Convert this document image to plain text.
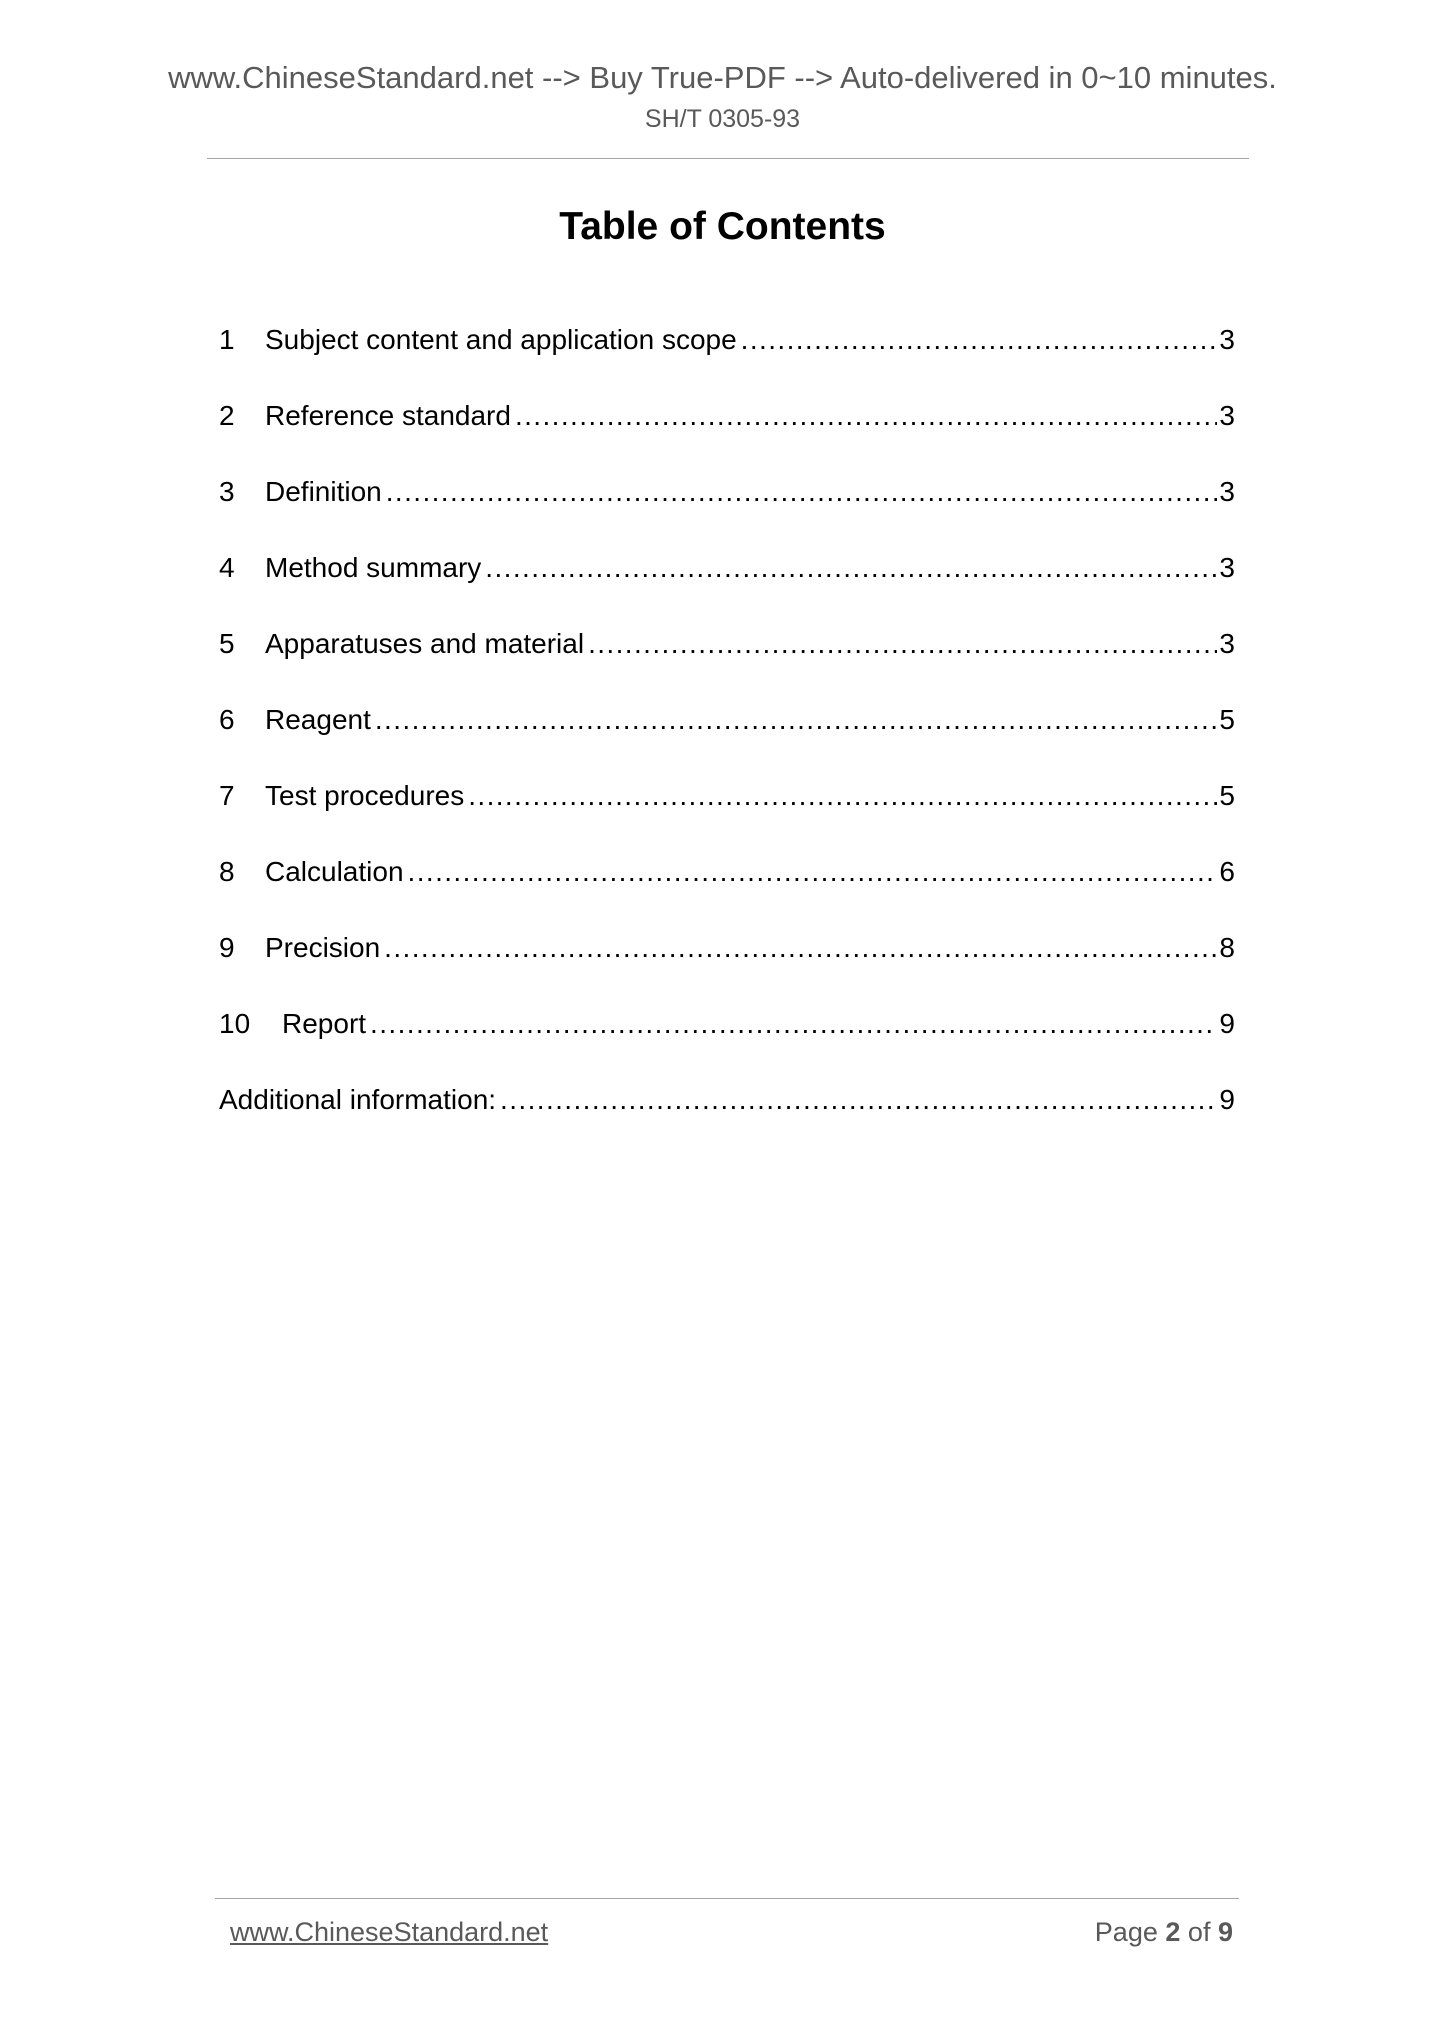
www.ChineseStandard.net --> Buy True-PDF --> Auto-delivered in 0~10 minutes.
SH/T 0305-93
Table of Contents
1	Subject content and application scope .....	3
2	Reference standard .....	3
3	Definition .....	3
4	Method summary .....	3
5	Apparatuses and material .....	3
6	Reagent .....	5
7	Test procedures .....	5
8	Calculation .....	6
9	Precision .....	8
10	Report .....	9
Additional information: .....	9
www.ChineseStandard.net	Page 2 of 9
